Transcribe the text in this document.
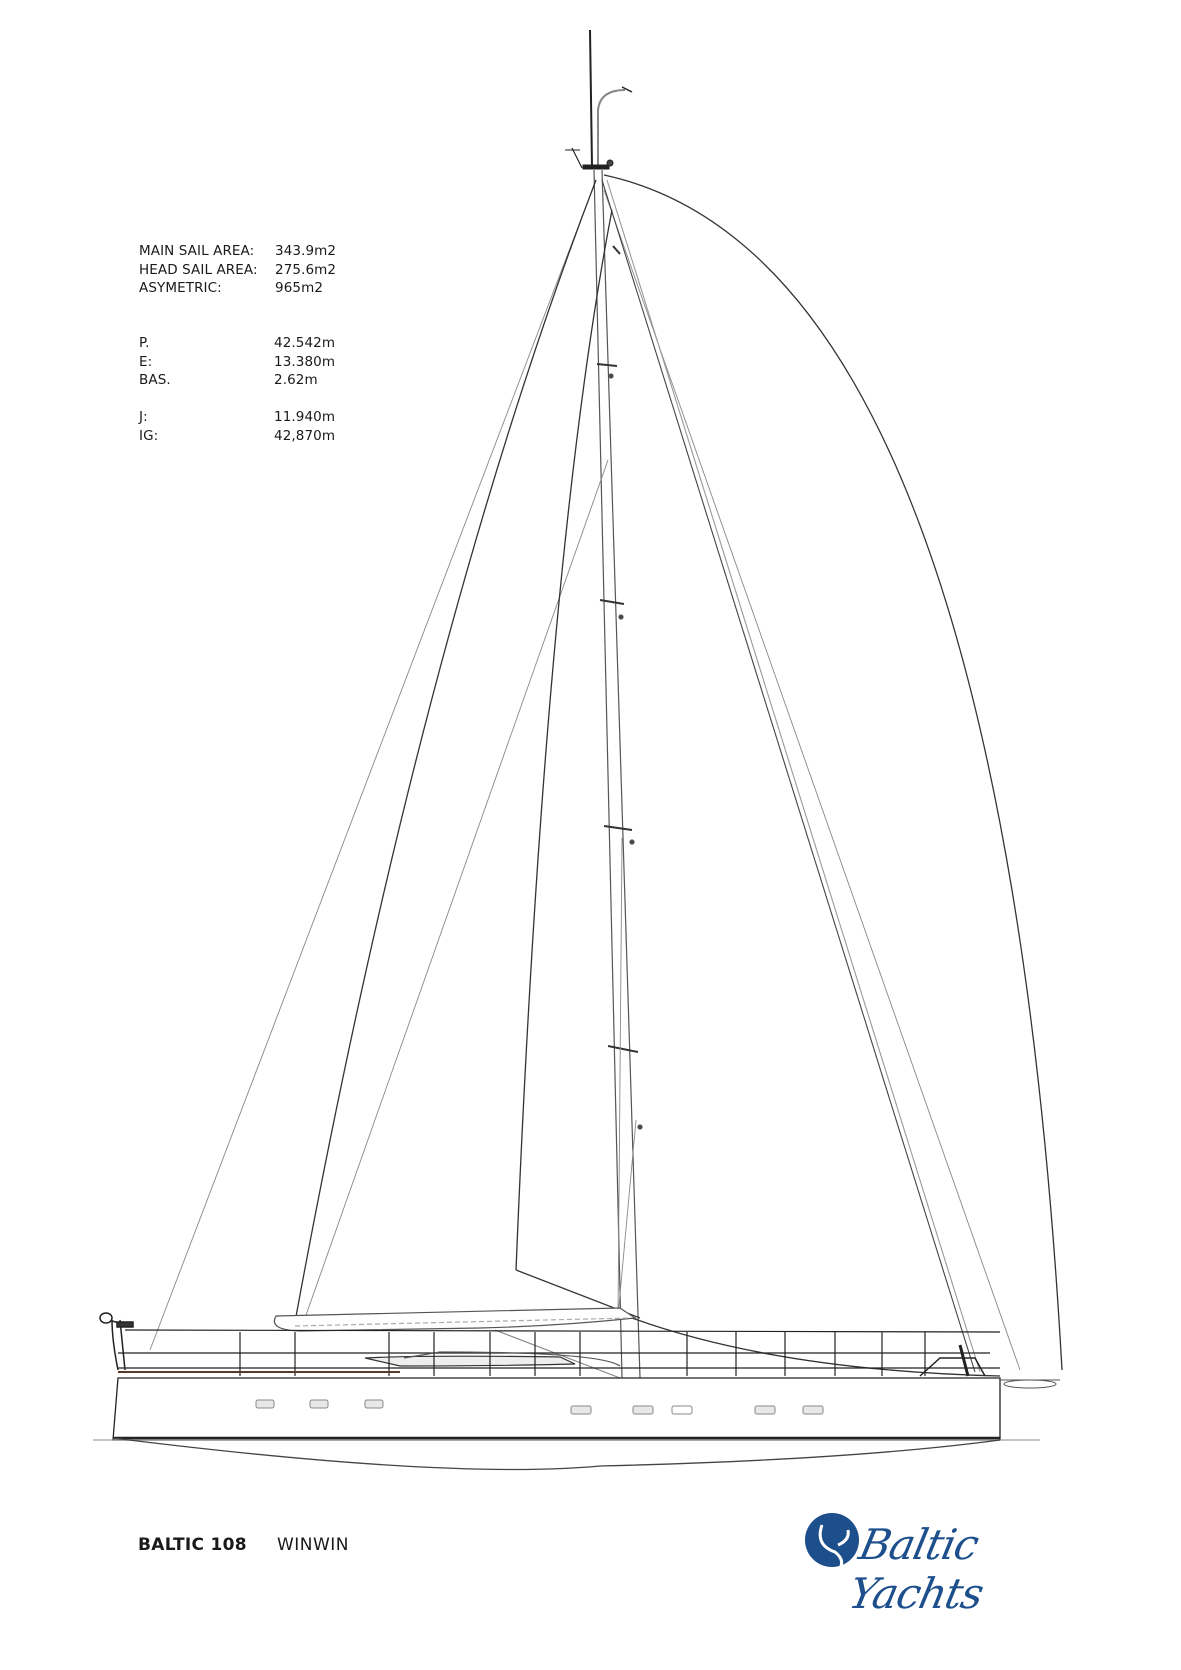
MAIN SAIL AREA:	343.9m2
HEAD SAIL AREA:	275.6m2
ASYMETRIC:	965m2
P.	42.542m
E:	13.380m
BAS.	2.62m
J:	11.940m
IG:	42,870m
BALTIC 108 WINWIN	Baltic Yachts
